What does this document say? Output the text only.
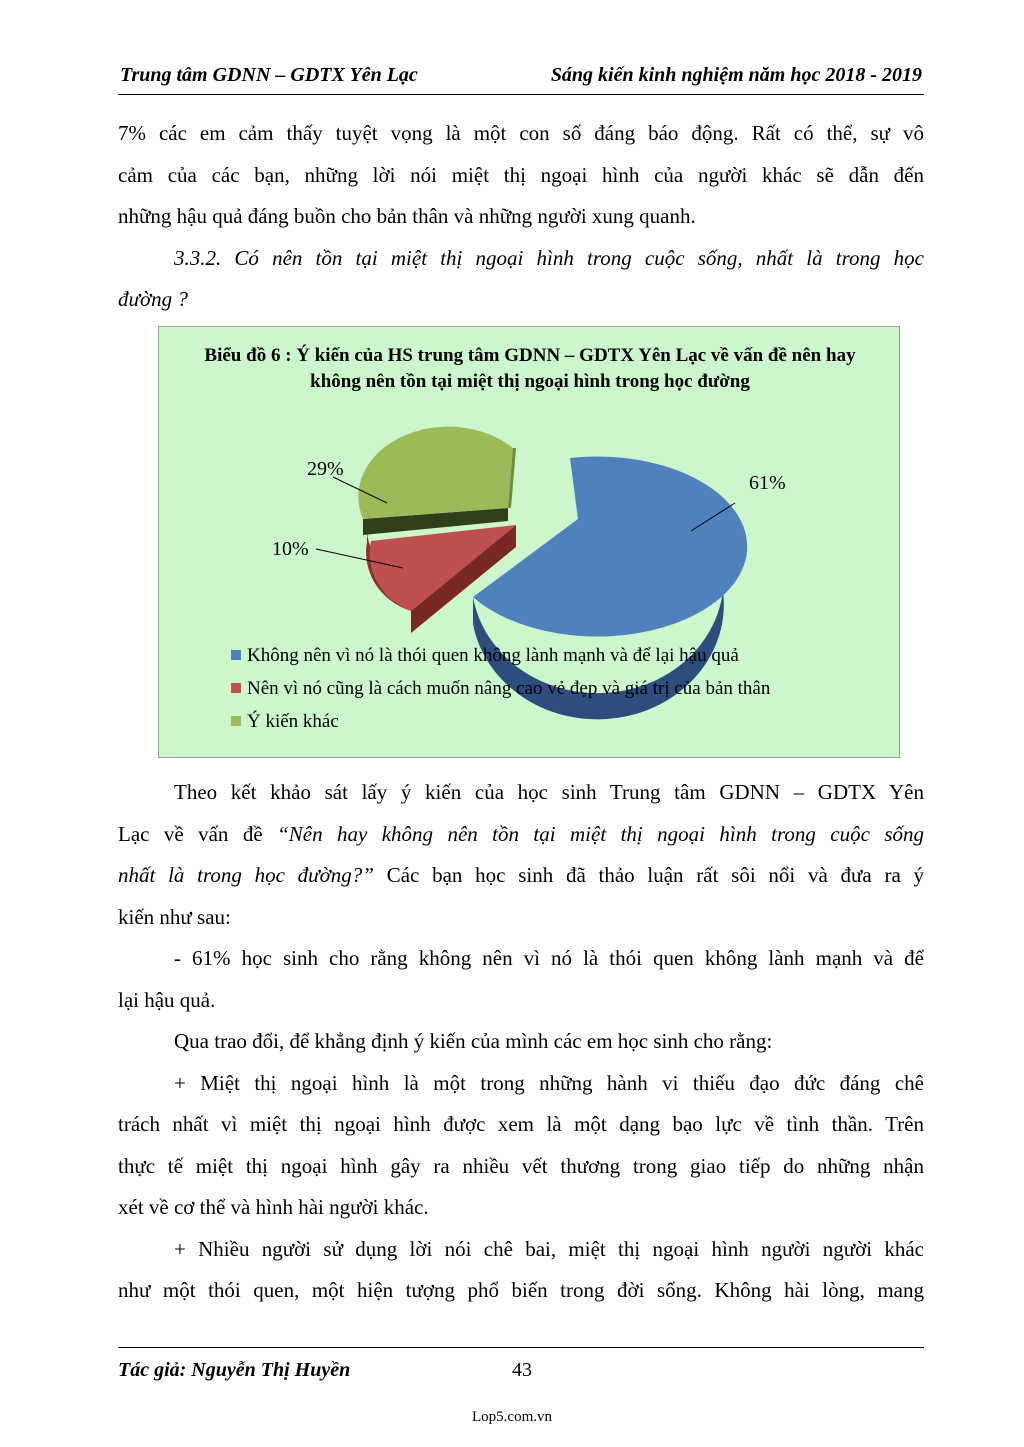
Trung tâm GDNN – GDTX Yên Lạc	Sáng kiến kinh nghiệm năm học 2018 - 2019
7% các em cảm thấy tuyệt vọng là một con số đáng báo động. Rất có thể, sự vô
cảm của các bạn, những lời nói miệt thị ngoại hình của người khác sẽ dẫn đến
những hậu quả đáng buồn cho bản thân và những người xung quanh.
3.3.2. Có nên tồn tại miệt thị ngoại hình trong cuộc sống, nhất là trong học
đường ?
Biểu đồ 6 : Ý kiến của HS trung tâm GDNN – GDTX Yên Lạc về vấn đề nên hay không nên tồn tại miệt thị ngoại hình trong học đường
29%
10%
61%
Không nên vì nó là thói quen không lành mạnh và để lại hậu quả
Nên vì nó cũng là cách muốn nâng cao vẻ đẹp và giá trị của bản thân
Ý kiến khác
Theo kết khảo sát lấy ý kiến của học sinh Trung tâm GDNN – GDTX Yên
Lạc về vấn đề “Nên hay không nên tồn tại miệt thị ngoại hình trong cuộc sống
nhất là trong học đường?” Các bạn học sinh đã thảo luận rất sôi nổi và đưa ra ý
kiến như sau:
- 61% học sinh cho rằng không nên vì nó là thói quen không lành mạnh và để
lại hậu quả.
Qua trao đổi, để khẳng định ý kiến của mình các em học sinh cho rằng:
+ Miệt thị ngoại hình là một trong những hành vi thiếu đạo đức đáng chê
trách nhất vì miệt thị ngoại hình được xem là một dạng bạo lực về tình thần. Trên
thực tế miệt thị ngoại hình gây ra nhiều vết thương trong giao tiếp do những nhận
xét về cơ thể và hình hài người khác.
+ Nhiều người sử dụng lời nói chê bai, miệt thị ngoại hình người người khác
như một thói quen, một hiện tượng phổ biến trong đời sống. Không hài lòng, mang
Tác giả: Nguyễn Thị Huyền	43
Lop5.com.vn
